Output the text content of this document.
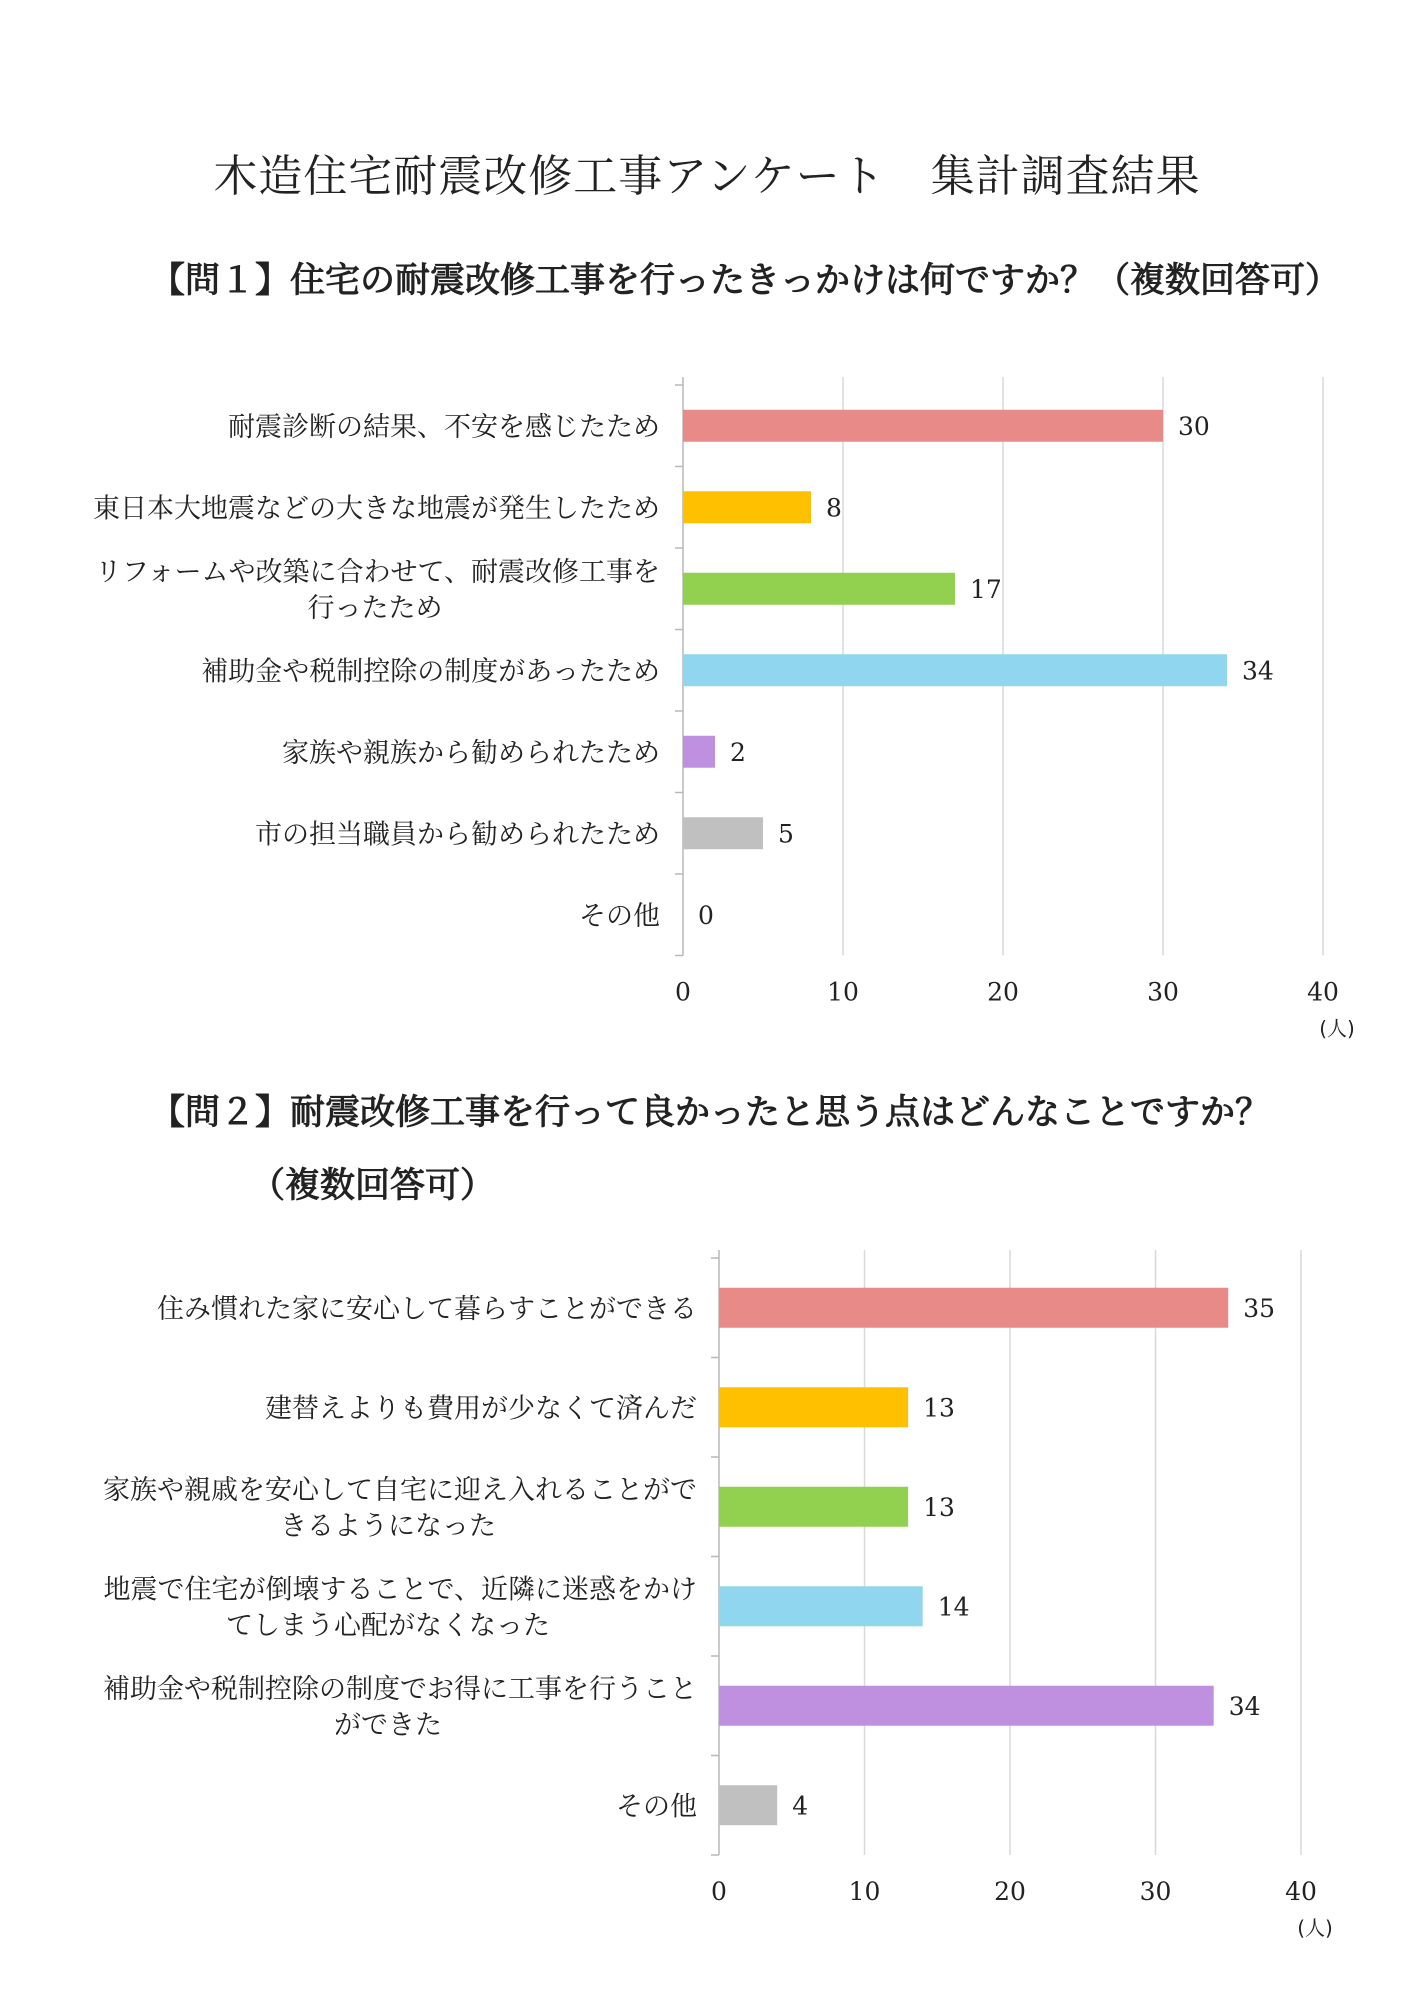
木造住宅耐震改修工事アンケート　集計調査結果
【問１】住宅の耐震改修工事を行ったきっかけは何ですか？（複数回答可）
【問２】耐震改修工事を行って良かったと思う点はどんなことですか？
（複数回答可）
30
耐震診断の結果、不安を感じたため
8
東日本大地震などの大きな地震が発生したため
17
リフォームや改築に合わせて、耐震改修工事を
行ったため
34
補助金や税制控除の制度があったため
2
家族や親族から勧められたため
5
市の担当職員から勧められたため
0
その他
0	10	20	30	40
(人)
35
住み慣れた家に安心して暮らすことができる
13
建替えよりも費用が少なくて済んだ
13
家族や親戚を安心して自宅に迎え入れることがで
きるようになった
14
地震で住宅が倒壊することで、近隣に迷惑をかけ
てしまう心配がなくなった
34
補助金や税制控除の制度でお得に工事を行うこと
ができた
4
その他
0	10	20	30	40
(人)
